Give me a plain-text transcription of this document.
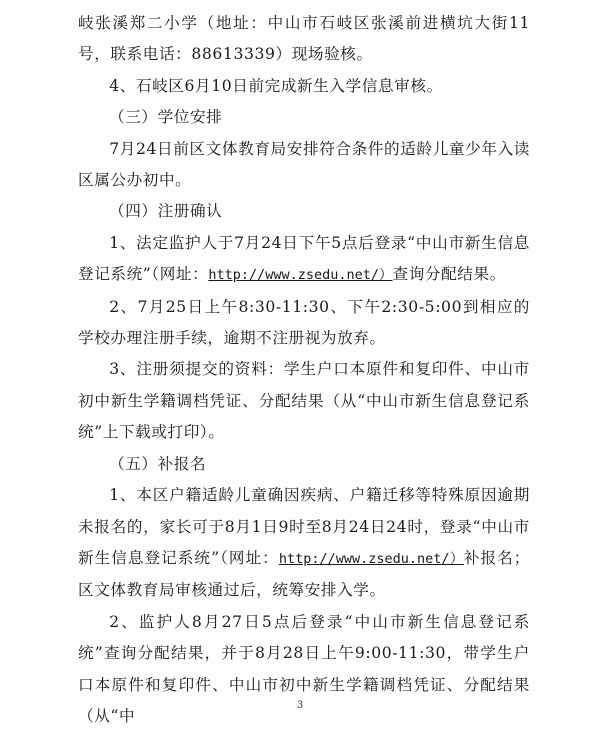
岐张溪郑二小学（地址：中山市石岐区张溪前进横坑大街11号，联系电话：88613339）现场验核。

4、石岐区6月10日前完成新生入学信息审核。

（三）学位安排

7月24日前区文体教育局安排符合条件的适龄儿童少年入读区属公办初中。

（四）注册确认

1、法定监护人于7月24日下午5点后登录“中山市新生信息登记系统”（网址：http://www.zsedu.net/）查询分配结果。

2、7月25日上午8:30-11:30、下午2:30-5:00到相应的学校办理注册手续，逾期不注册视为放弃。

3、注册须提交的资料：学生户口本原件和复印件、中山市初中新生学籍调档凭证、分配结果（从“中山市新生信息登记系统”上下载或打印）。

（五）补报名

1、本区户籍适龄儿童确因疾病、户籍迁移等特殊原因逾期未报名的，家长可于8月1日9时至8月24日24时，登录“中山市新生信息登记系统”（网址：http://www.zsedu.net/）补报名；区文体教育局审核通过后，统筹安排入学。

2、监护人8月27日5点后登录“中山市新生信息登记系统”查询分配结果，并于8月28日上午9:00-11:30，带学生户口本原件和复印件、中山市初中新生学籍调档凭证、分配结果（从“中

3
